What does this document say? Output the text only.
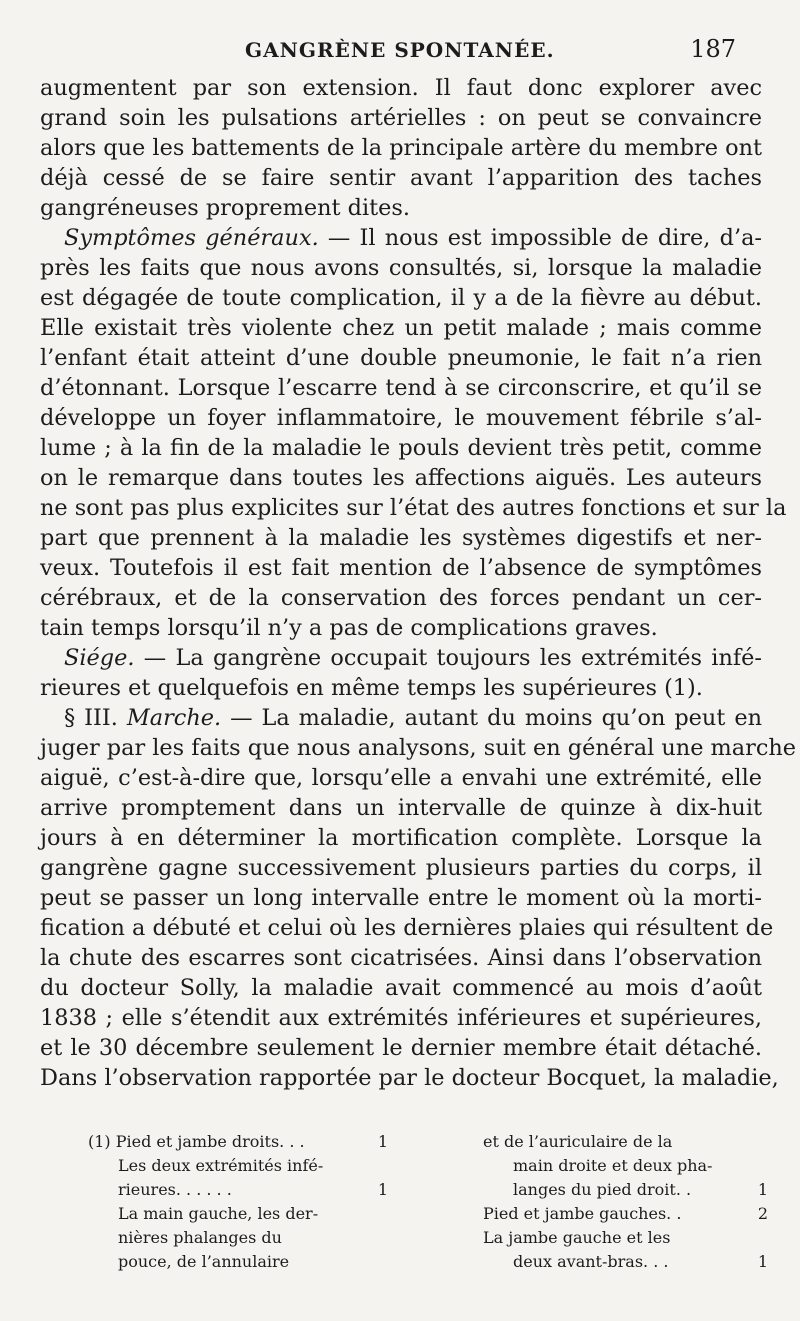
GANGRÈNE SPONTANÉE.	187
augmentent par son extension. Il faut donc explorer avec
grand soin les pulsations artérielles : on peut se convaincre
alors que les battements de la principale artère du membre ont
déjà cessé de se faire sentir avant l’apparition des taches
gangréneuses proprement dites.
Symptômes généraux. — Il nous est impossible de dire, d’a-
près les faits que nous avons consultés, si, lorsque la maladie
est dégagée de toute complication, il y a de la fièvre au début.
Elle existait très violente chez un petit malade ; mais comme
l’enfant était atteint d’une double pneumonie, le fait n’a rien
d’étonnant. Lorsque l’escarre tend à se circonscrire, et qu’il se
développe un foyer inflammatoire, le mouvement fébrile s’al-
lume ; à la fin de la maladie le pouls devient très petit, comme
on le remarque dans toutes les affections aiguës. Les auteurs
ne sont pas plus explicites sur l’état des autres fonctions et sur la
part que prennent à la maladie les systèmes digestifs et ner-
veux. Toutefois il est fait mention de l’absence de symptômes
cérébraux, et de la conservation des forces pendant un cer-
tain temps lorsqu’il n’y a pas de complications graves.
Siége. — La gangrène occupait toujours les extrémités infé-
rieures et quelquefois en même temps les supérieures (1).
§ III. Marche. — La maladie, autant du moins qu’on peut en
juger par les faits que nous analysons, suit en général une marche
aiguë, c’est-à-dire que, lorsqu’elle a envahi une extrémité, elle
arrive promptement dans un intervalle de quinze à dix-huit
jours à en déterminer la mortification complète. Lorsque la
gangrène gagne successivement plusieurs parties du corps, il
peut se passer un long intervalle entre le moment où la morti-
fication a débuté et celui où les dernières plaies qui résultent de
la chute des escarres sont cicatrisées. Ainsi dans l’observation
du docteur Solly, la maladie avait commencé au mois d’août
1838 ; elle s’étendit aux extrémités inférieures et supérieures,
et le 30 décembre seulement le dernier membre était détaché.
Dans l’observation rapportée par le docteur Bocquet, la maladie,
(1) Pied et jambe droits. . .	1
Les deux extrémités infé-
rieures. . . . . .	1
La main gauche, les der-
nières phalanges du
pouce, de l’annulaire
et de l’auriculaire de la
main droite et deux pha-
langes du pied droit. .	1
Pied et jambe gauches. .	2
La jambe gauche et les
deux avant-bras. . .	1
